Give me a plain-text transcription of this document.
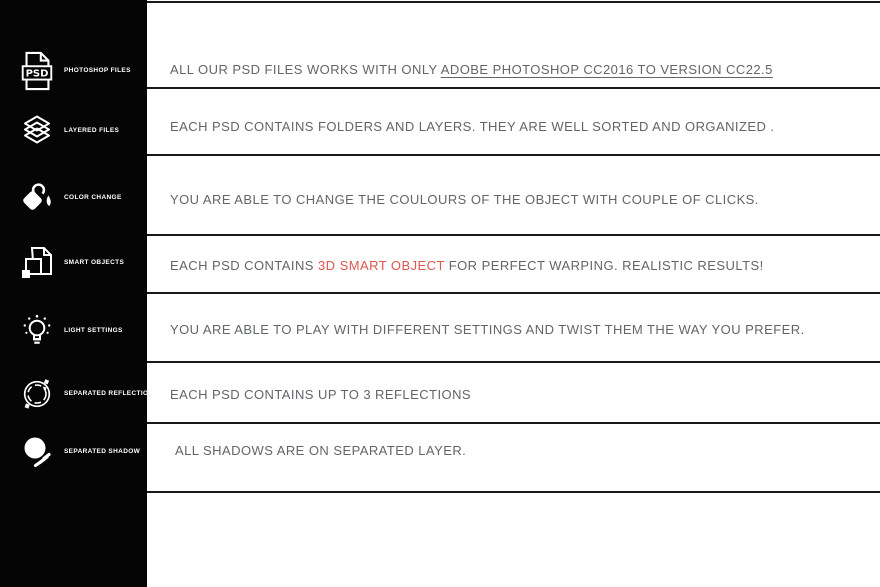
PSD PHOTOSHOP FILES
LAYERED FILES
COLOR CHANGE
SMART OBJECTS
LIGHT SETTINGS
SEPARATED REFLECTION
SEPARATED SHADOW
ALL OUR PSD FILES WORKS WITH ONLY ADOBE PHOTOSHOP CC2016 TO VERSION CC22.5
EACH PSD CONTAINS FOLDERS AND LAYERS. THEY ARE WELL SORTED AND ORGANIZED .
YOU ARE ABLE TO CHANGE THE COULOURS OF THE OBJECT WITH COUPLE OF CLICKS.
EACH PSD CONTAINS 3D SMART OBJECT FOR PERFECT WARPING. REALISTIC RESULTS!
YOU ARE ABLE TO PLAY WITH DIFFERENT SETTINGS AND TWIST THEM THE WAY YOU PREFER.
EACH PSD CONTAINS UP TO 3 REFLECTIONS
ALL SHADOWS ARE ON SEPARATED LAYER.
